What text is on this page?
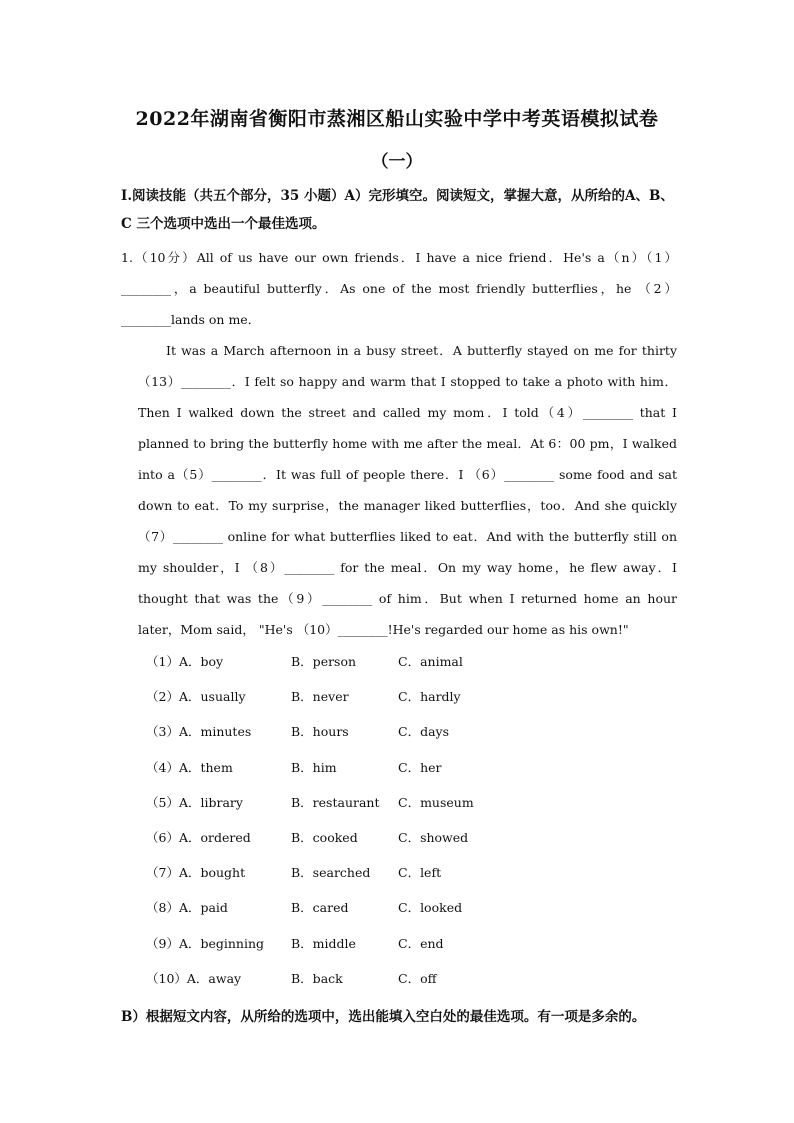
2022年湖南省衡阳市蒸湘区船山实验中学中考英语模拟试卷
（一）
I.阅读技能（共五个部分，35 小题）A）完形填空。阅读短文，掌握大意，从所给的A、B、C 三个选项中选出一个最佳选项。

1.（10分）All of us have our own friends．I have a nice friend．He's a（n）（1）________，a beautiful butterfly．As one of the most friendly butterflies，he （2）________lands on me．

It was a March afternoon in a busy street．A butterfly stayed on me for thirty（13）________．I felt so happy and warm that I stopped to take a photo with him．Then I walked down the street and called my mom．I told（4）________ that I planned to bring the butterfly home with me after the meal．At 6：00 pm，I walked into a（5）________．It was full of people there．I （6）________ some food and sat down to eat．To my surprise，the manager liked butterflies，too．And she quickly （7）________ online for what butterflies liked to eat．And with the butterfly still on my shoulder，I （8）________ for the meal．On my way home，he flew away．I thought that was the（9）________ of him．But when I returned home an hour later，Mom said， "He's （10）________!He's regarded our home as his own!"

（1）A．boy	B．person	C．animal
（2）A．usually	B．never	C．hardly
（3）A．minutes	B．hours	C．days
（4）A．them	B．him	C．her
（5）A．library	B．restaurant C．museum
（6）A．ordered	B．cooked	C．showed
（7）A．bought	B．searched C．left
（8）A．paid	B．cared	C．looked
（9）A．beginning B．middle	C．end
（10）A．away	B．back	C．off
B）根据短文内容，从所给的选项中，选出能填入空白处的最佳选项。有一项是多余的。
